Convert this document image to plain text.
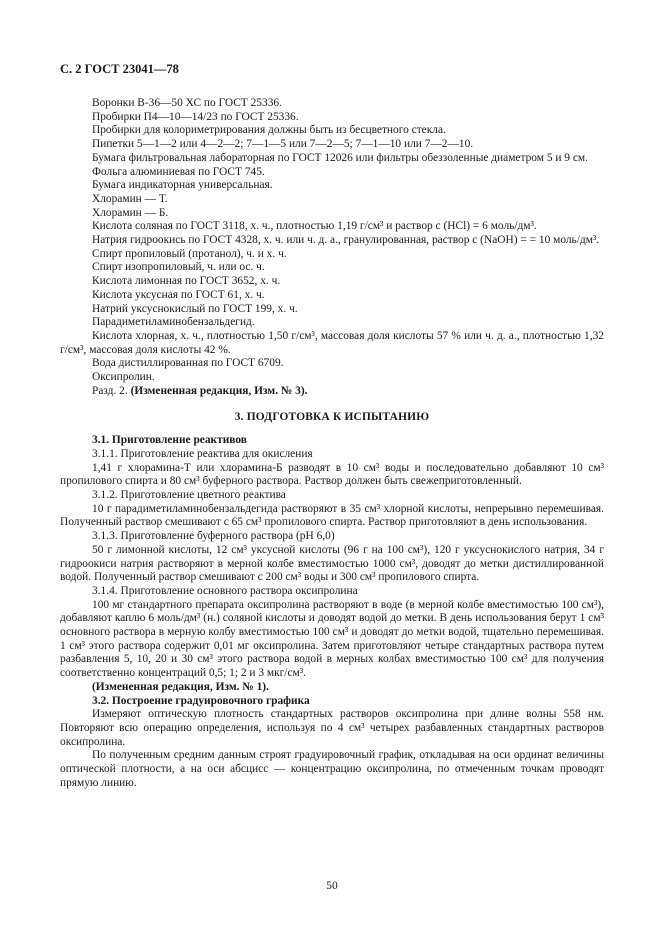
С. 2 ГОСТ 23041—78

Воронки В-36—50 ХС по ГОСТ 25336.

Пробирки П4—10—14/23 по ГОСТ 25336.

Пробирки для колориметрирования должны быть из бесцветного стекла.

Пипетки 5—1—2 или 4—2—2; 7—1—5 или 7—2—5; 7—1—10 или 7—2—10.

Бумага фильтровальная лабораторная по ГОСТ 12026 или фильтры обеззоленные диаметром 5 и 9 см.

Фольга алюминиевая по ГОСТ 745.

Бумага индикаторная универсальная.

Хлорамин — Т.

Хлорамин — Б.

Кислота соляная по ГОСТ 3118, х. ч., плотностью 1,19 г/см³ и раствор c (HCl) = 6 моль/дм³.

Натрия гидроокись по ГОСТ 4328, х. ч. или ч. д. а., гранулированная, раствор c (NaOH) = = 10 моль/дм³.

Спирт пропиловый (протанол), ч. и х. ч.

Спирт изопропиловый, ч. или ос. ч.

Кислота лимонная по ГОСТ 3652, х. ч.

Кислота уксусная по ГОСТ 61, х. ч.

Натрий уксуснокислый по ГОСТ 199, х. ч.

Парадиметиламинобензальдегид.

Кислота хлорная, х. ч., плотностью 1,50 г/см³, массовая доля кислоты 57 % или ч. д. а., плотностью 1,32 г/см³, массовая доля кислоты 42 %.

Вода дистиллированная по ГОСТ 6709.

Оксипролин.

Разд. 2. (Измененная редакция, Изм. № 3).

3. ПОДГОТОВКА К ИСПЫТАНИЮ

3.1. Приготовление реактивов

3.1.1. Приготовление реактива для окисления

1,41 г хлорамина-Т или хлорамина-Б разводят в 10 см³ воды и последовательно добавляют 10 см³ пропилового спирта и 80 см³ буферного раствора. Раствор должен быть свежеприготовленный.

3.1.2. Приготовление цветного реактива

10 г парадиметиламинобензальдегида растворяют в 35 см³ хлорной кислоты, непрерывно перемешивая. Полученный раствор смешивают с 65 см³ пропилового спирта. Раствор приготовляют в день использования.

3.1.3. Приготовление буферного раствора (рН 6,0)

50 г лимонной кислоты, 12 см³ уксусной кислоты (96 г на 100 см³), 120 г уксуснокислого натрия, 34 г гидроокиси натрия растворяют в мерной колбе вместимостью 1000 см³, доводят до метки дистиллированной водой. Полученный раствор смешивают с 200 см³ воды и 300 см³ пропилового спирта.

3.1.4. Приготовление основного раствора оксипролина

100 мг стандартного препарата оксипролина растворяют в воде (в мерной колбе вместимостью 100 см³), добавляют каплю 6 моль/дм³ (н.) соляной кислоты и доводят водой до метки. В день использования берут 1 см³ основного раствора в мерную колбу вместимостью 100 см³ и доводят до метки водой, тщательно перемешивая. 1 см³ этого раствора содержит 0,01 мг оксипролина. Затем приготовляют четыре стандартных раствора путем разбавления 5, 10, 20 и 30 см³ этого раствора водой в мерных колбах вместимостью 100 см³ для получения соответственно концентраций 0,5; 1; 2 и 3 мкг/см³.

(Измененная редакция, Изм. № 1).

3.2. Построение градуировочного графика

Измеряют оптическую плотность стандартных растворов оксипролина при длине волны 558 нм. Повторяют всю операцию определения, используя по 4 см³ четырех разбавленных стандартных растворов оксипролина.

По полученным средним данным строят градуировочный график, откладывая на оси ординат величины оптической плотности, а на оси абсцисс — концентрацию оксипролина, по отмеченным точкам проводят прямую линию.

50
